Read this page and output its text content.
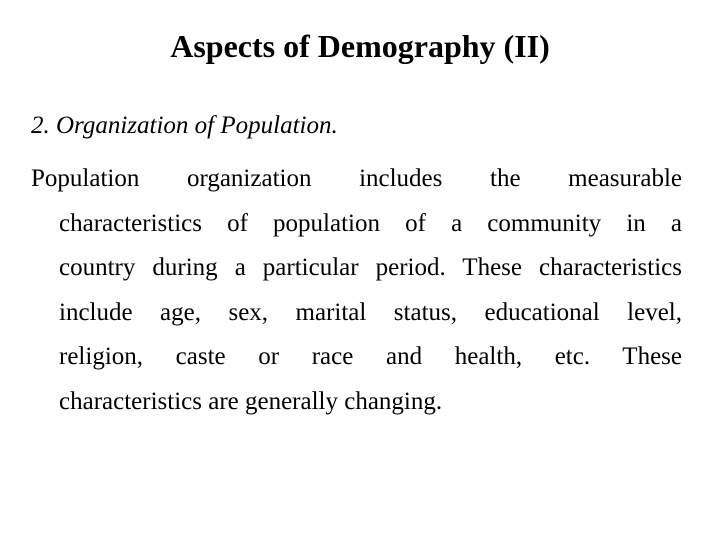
Aspects of Demography (II)

2. Organization of Population.

Population organization includes the measurable
characteristics of population of a community in a
country during a particular period. These characteristics
include age, sex, marital status, educational level,
religion, caste or race and health, etc. These
characteristics are generally changing.
